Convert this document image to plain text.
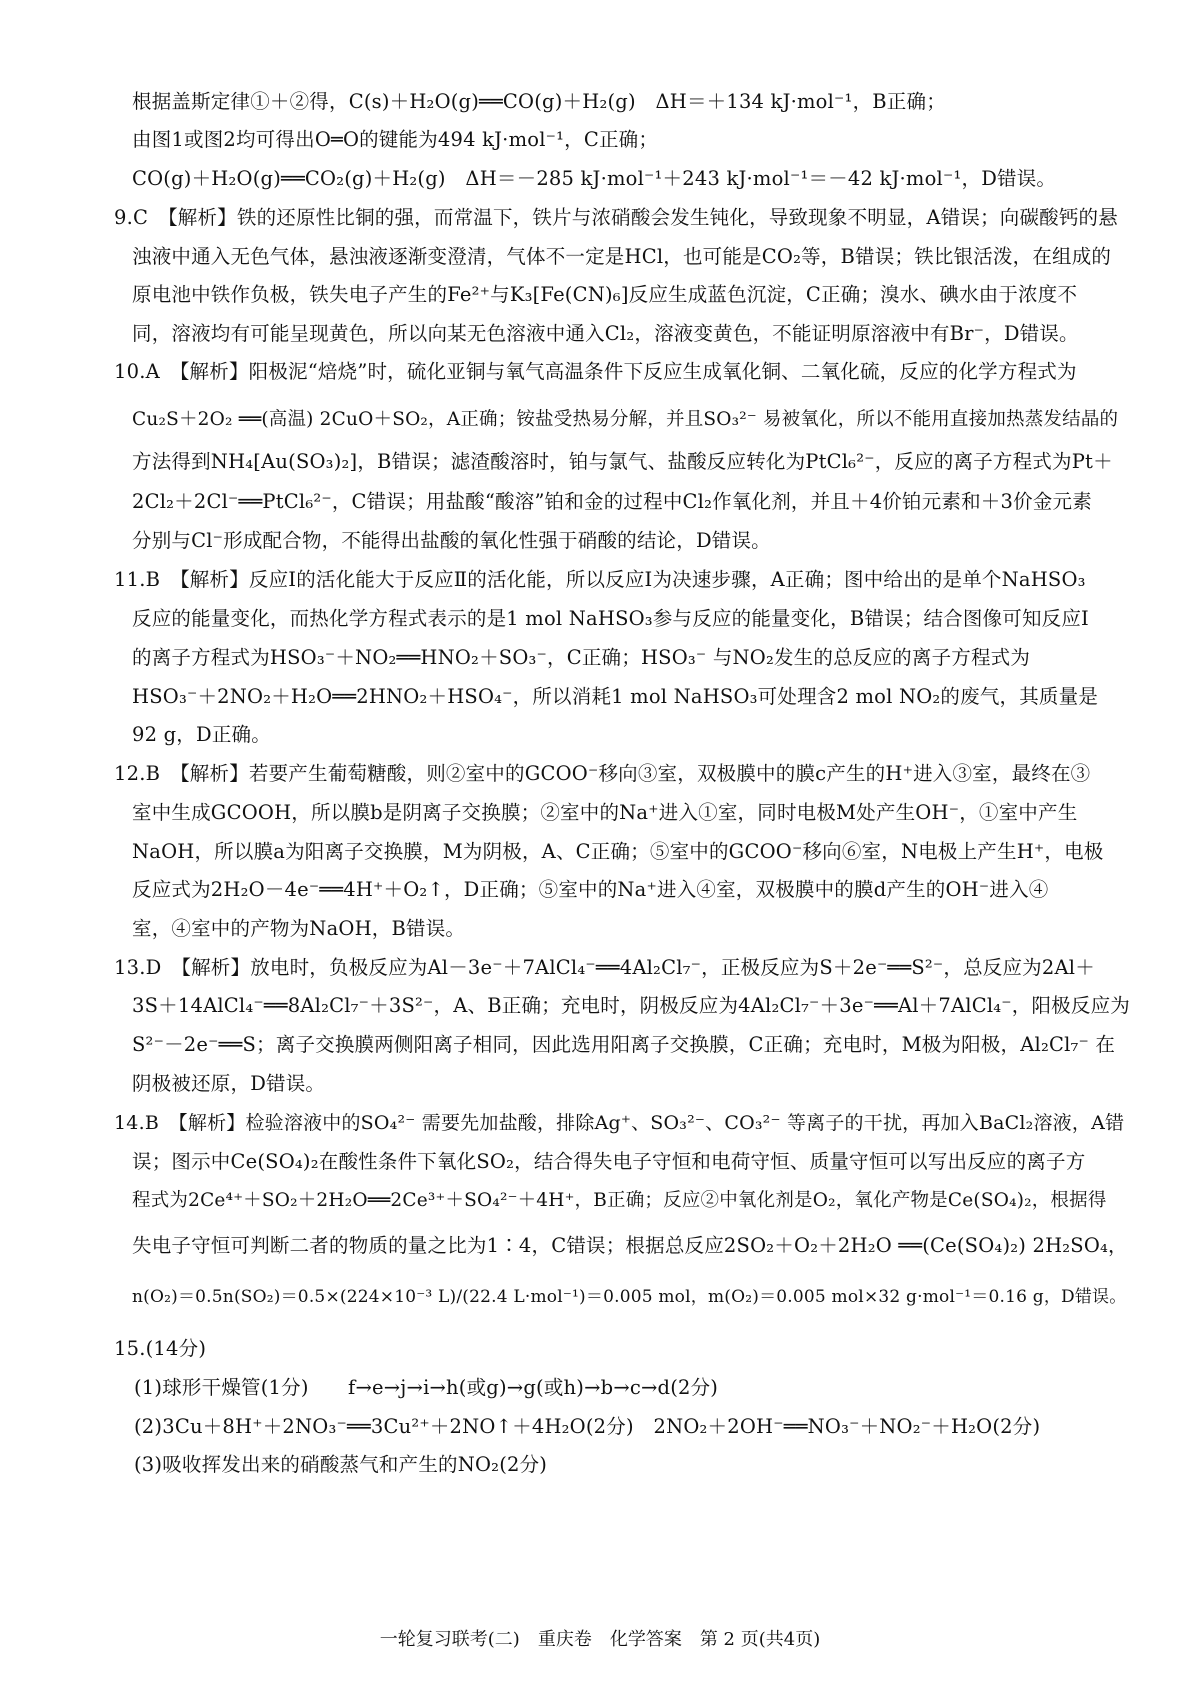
根据盖斯定律①＋②得，C(s)＋H₂O(g)══CO(g)＋H₂(g)　ΔH＝＋134 kJ·mol⁻¹，B正确；
由图1或图2均可得出O═O的键能为494 kJ·mol⁻¹，C正确；
CO(g)＋H₂O(g)══CO₂(g)＋H₂(g)　ΔH＝－285 kJ·mol⁻¹＋243 kJ·mol⁻¹＝－42 kJ·mol⁻¹，D错误。
9.C　【解析】铁的还原性比铜的强，而常温下，铁片与浓硝酸会发生钝化，导致现象不明显，A错误；向碳酸钙的悬
浊液中通入无色气体，悬浊液逐渐变澄清，气体不一定是HCl，也可能是CO₂等，B错误；铁比银活泼，在组成的
原电池中铁作负极，铁失电子产生的Fe²⁺与K₃[Fe(CN)₆]反应生成蓝色沉淀，C正确；溴水、碘水由于浓度不
同，溶液均有可能呈现黄色，所以向某无色溶液中通入Cl₂，溶液变黄色，不能证明原溶液中有Br⁻，D错误。
10.A　【解析】阳极泥“焙烧”时，硫化亚铜与氧气高温条件下反应生成氧化铜、二氧化硫，反应的化学方程式为
Cu₂S＋2O₂ ══(高温) 2CuO＋SO₂，A正确；铵盐受热易分解，并且SO₃²⁻ 易被氧化，所以不能用直接加热蒸发结晶的
方法得到NH₄[Au(SO₃)₂]，B错误；滤渣酸溶时，铂与氯气、盐酸反应转化为PtCl₆²⁻，反应的离子方程式为Pt＋
2Cl₂＋2Cl⁻══PtCl₆²⁻，C错误；用盐酸“酸溶”铂和金的过程中Cl₂作氧化剂，并且＋4价铂元素和＋3价金元素
分别与Cl⁻形成配合物，不能得出盐酸的氧化性强于硝酸的结论，D错误。
11.B　【解析】反应Ⅰ的活化能大于反应Ⅱ的活化能，所以反应Ⅰ为决速步骤，A正确；图中给出的是单个NaHSO₃
反应的能量变化，而热化学方程式表示的是1 mol NaHSO₃参与反应的能量变化，B错误；结合图像可知反应Ⅰ
的离子方程式为HSO₃⁻＋NO₂══HNO₂＋SO₃⁻，C正确；HSO₃⁻ 与NO₂发生的总反应的离子方程式为
HSO₃⁻＋2NO₂＋H₂O══2HNO₂＋HSO₄⁻，所以消耗1 mol NaHSO₃可处理含2 mol NO₂的废气，其质量是
92 g，D正确。
12.B　【解析】若要产生葡萄糖酸，则②室中的GCOO⁻移向③室，双极膜中的膜c产生的H⁺进入③室，最终在③
室中生成GCOOH，所以膜b是阴离子交换膜；②室中的Na⁺进入①室，同时电极M处产生OH⁻，①室中产生
NaOH，所以膜a为阳离子交换膜，M为阴极，A、C正确；⑤室中的GCOO⁻移向⑥室，N电极上产生H⁺，电极
反应式为2H₂O－4e⁻══4H⁺＋O₂↑，D正确；⑤室中的Na⁺进入④室，双极膜中的膜d产生的OH⁻进入④
室，④室中的产物为NaOH，B错误。
13.D　【解析】放电时，负极反应为Al－3e⁻＋7AlCl₄⁻══4Al₂Cl₇⁻，正极反应为S＋2e⁻══S²⁻，总反应为2Al＋
3S＋14AlCl₄⁻══8Al₂Cl₇⁻＋3S²⁻，A、B正确；充电时，阴极反应为4Al₂Cl₇⁻＋3e⁻══Al＋7AlCl₄⁻，阳极反应为
S²⁻－2e⁻══S；离子交换膜两侧阳离子相同，因此选用阳离子交换膜，C正确；充电时，M极为阳极，Al₂Cl₇⁻ 在
阴极被还原，D错误。
14.B　【解析】检验溶液中的SO₄²⁻ 需要先加盐酸，排除Ag⁺、SO₃²⁻、CO₃²⁻ 等离子的干扰，再加入BaCl₂溶液，A错
误；图示中Ce(SO₄)₂在酸性条件下氧化SO₂，结合得失电子守恒和电荷守恒、质量守恒可以写出反应的离子方
程式为2Ce⁴⁺＋SO₂＋2H₂O══2Ce³⁺＋SO₄²⁻＋4H⁺，B正确；反应②中氧化剂是O₂，氧化产物是Ce(SO₄)₂，根据得
失电子守恒可判断二者的物质的量之比为1∶4，C错误；根据总反应2SO₂＋O₂＋2H₂O ══(Ce(SO₄)₂) 2H₂SO₄，
n(O₂)＝0.5n(SO₂)＝0.5×(224×10⁻³ L)/(22.4 L·mol⁻¹)＝0.005 mol，m(O₂)＝0.005 mol×32 g·mol⁻¹＝0.16 g，D错误。
15.(14分)
(1)球形干燥管(1分)　　f→e→j→i→h(或g)→g(或h)→b→c→d(2分)
(2)3Cu＋8H⁺＋2NO₃⁻══3Cu²⁺＋2NO↑＋4H₂O(2分)　2NO₂＋2OH⁻══NO₃⁻＋NO₂⁻＋H₂O(2分)
(3)吸收挥发出来的硝酸蒸气和产生的NO₂(2分)
一轮复习联考(二)　重庆卷　化学答案　第 2 页(共4页)
